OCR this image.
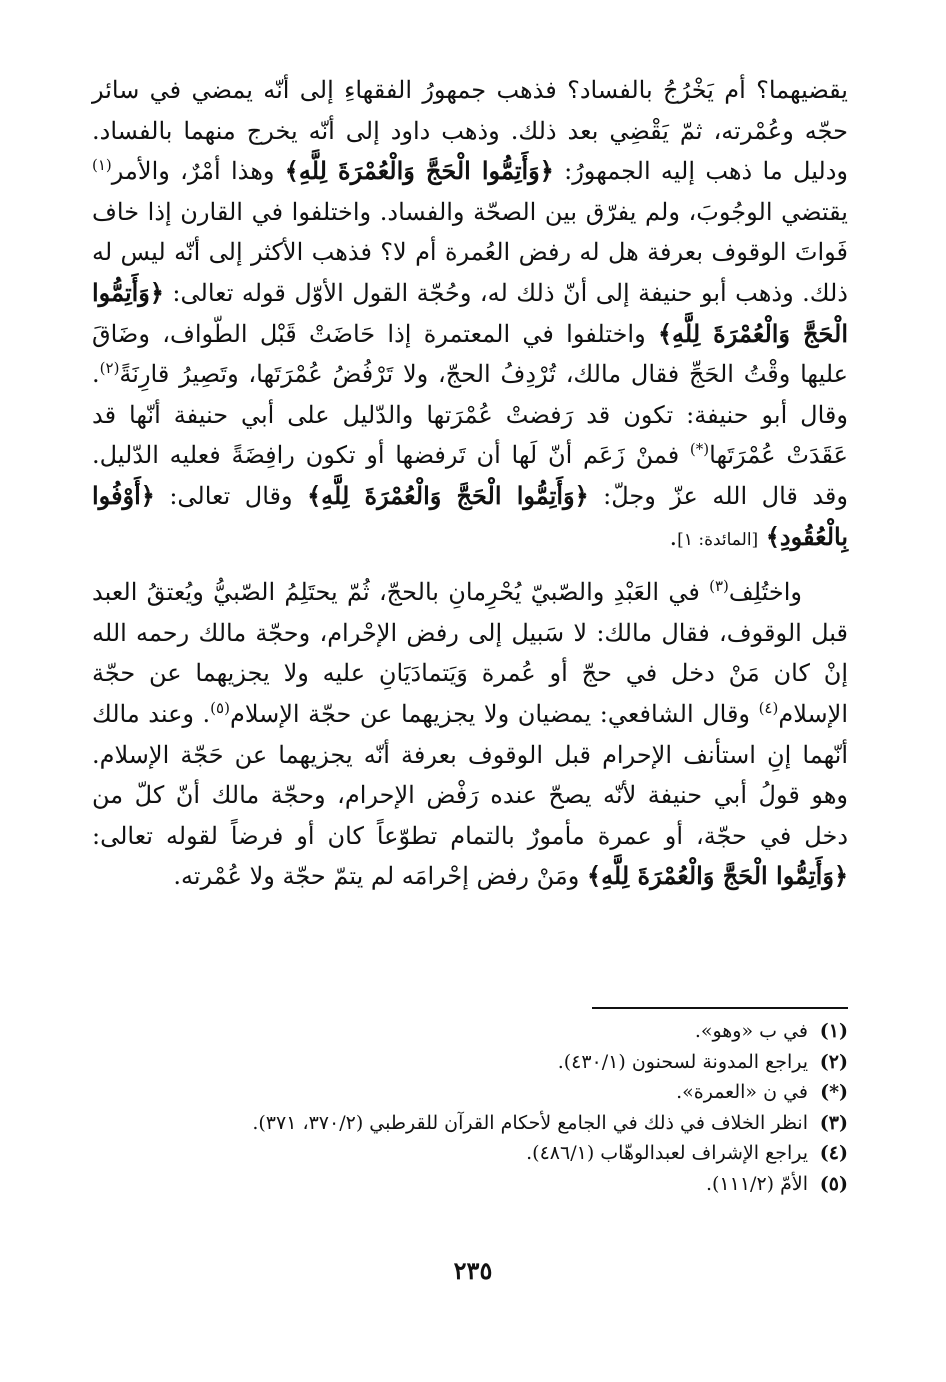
يقضيهما؟ أم يَخْرُجُ بالفساد؟ فذهب جمهورُ الفقهاءِ إلى أنّه يمضي في سائر حجّه وعُمْرته، ثمّ يَقْضِي بعد ذلك. وذهب داود إلى أنّه يخرج منهما بالفساد. ودليل ما ذهب إليه الجمهورُ: ﴿وَأَتِمُّوا الْحَجَّ وَالْعُمْرَةَ لِلَّهِ﴾ وهذا أمْرٌ، والأمر$^{(١)}$ يقتضي الوجُوبَ، ولم يفرّق بين الصحّة والفساد. واختلفوا في القارن إذا خاف فَواتَ الوقوف بعرفة هل له رفض العُمرة أم لا؟ فذهب الأكثر إلى أنّه ليس له ذلك. وذهب أبو حنيفة إلى أنّ ذلك له، وحُجّة القول الأوّل قوله تعالى: ﴿وَأَتِمُّوا الْحَجَّ وَالْعُمْرَةَ لِلَّهِ﴾ واختلفوا في المعتمرة إذا حَاضَتْ قَبْل الطّواف، وضَاقَ عليها وقْتُ الحَجِّ فقال مالك، تُرْدِفُ الحجّ، ولا تَرْفُضُ عُمْرَتَها، وتَصِيرُ قارِنَةً$^{(٢)}$. وقال أبو حنيفة: تكون قد رَفضتْ عُمْرَتها والدّليل على أبي حنيفة أنّها قد عَقَدَتْ عُمْرَتَها(*) فمنْ زَعَم أنّ لَها أن تَرفضها أو تكون رافِضَةً فعليه الدّليل. وقد قال الله عزّ وجلّ: ﴿وَأَتِمُّوا الْحَجَّ وَالْعُمْرَةَ لِلَّهِ﴾ وقال تعالى: ﴿أَوْفُوا بِالْعُقُودِ﴾ [المائدة: ١].

واختُلِف$^{(٣)}$ في العَبْدِ والصّبيّ يُحْرِمانِ بالحجّ، ثُمّ يحتَلِمُ الصّبيُّ ويُعتقُ العبد قبل الوقوف، فقال مالك: لا سَبيل إلى رفض الإحْرام، وحجّة مالك رحمه الله إنْ كان مَنْ دخل في حجّ أو عُمرة وَيَتمادَيَانِ عليه ولا يجزيهما عن حجّة الإسلام$^{(٤)}$ وقال الشافعي: يمضيان ولا يجزيهما عن حجّة الإسلام$^{(٥)}$. وعند مالك أنّهما إنِ استأنف الإحرام قبل الوقوف بعرفة أنّه يجزيهما عن حَجّة الإسلام. وهو قولُ أبي حنيفة لأنّه يصحّ عنده رَفْض الإحرام، وحجّة مالك أنّ كلّ من دخل في حجّة، أو عمرة مأمورٌ بالتمام تطوّعاً كان أو فرضاً لقوله تعالى: ﴿وَأَتِمُّوا الْحَجَّ وَالْعُمْرَةَ لِلَّهِ﴾ ومَنْ رفض إحْرامَه لم يتمّ حجّة ولا عُمْرته.

(١)في ب «وهو».
(٢)يراجع المدونة لسحنون (٤٣٠/١).
(*)في ن «العمرة».
(٣)انظر الخلاف في ذلك في الجامع لأحكام القرآن للقرطبي (٣٧٠/٢، ٣٧١).
(٤)يراجع الإشراف لعبدالوهّاب (٤٨٦/١).
(٥)الأمّ (١١١/٢).
٢٣٥
